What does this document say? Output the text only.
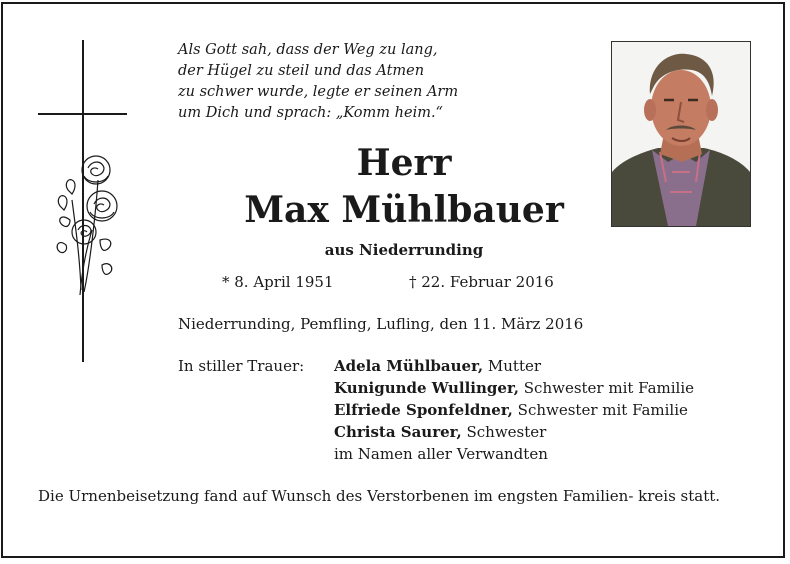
Als Gott sah, dass der Weg zu lang,
der Hügel zu steil und das Atmen
zu schwer wurde, legte er seinen Arm
um Dich und sprach: „Komm heim.“
Herr
Max Mühlbauer
aus Niederrunding
* 8. April 1951	† 22. Februar 2016
Niederrunding, Pemfling, Lufling, den 11. März 2016
In stiller Trauer: Adela Mühlbauer, Mutter
Kunigunde Wullinger, Schwester mit Familie
Elfriede Sponfeldner, Schwester mit Familie
Christa Saurer, Schwester
im Namen aller Verwandten
Die Urnenbeisetzung fand auf Wunsch des Verstorbenen im engsten Familien- kreis statt.
